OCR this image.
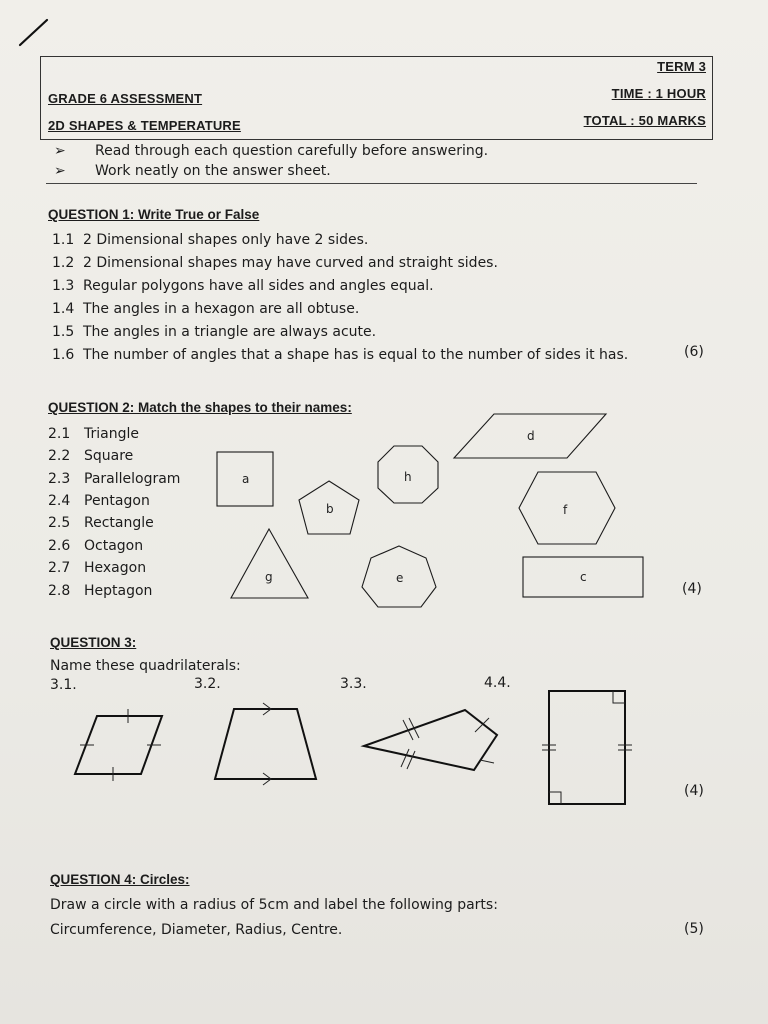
GRADE 6 ASSESSMENT
2D SHAPES & TEMPERATURE
TERM 3
TIME : 1 HOUR
TOTAL : 50 MARKS
➢ Read through each question carefully before answering.
➢ Work neatly on the answer sheet.
QUESTION 1: Write True or False
1.1 2 Dimensional shapes only have 2 sides.
1.2 2 Dimensional shapes may have curved and straight sides.
1.3 Regular polygons have all sides and angles equal.
1.4 The angles in a hexagon are all obtuse.
1.5 The angles in a triangle are always acute.
1.6 The number of angles that a shape has is equal to the number of sides it has.	(6)
QUESTION 2: Match the shapes to their names:
2.1 Triangle
2.2 Square
2.3 Parallelogram
2.4 Pentagon
2.5 Rectangle
2.6 Octagon
2.7 Hexagon
2.8 Heptagon	(4)
a
b
h
d
f
g	e	c
QUESTION 3:
Name these quadrilaterals:
3.1.	3.2.	3.3.	4.4.
(4)
QUESTION 4: Circles:
Draw a circle with a radius of 5cm and label the following parts:
Circumference, Diameter, Radius, Centre.	(5)
